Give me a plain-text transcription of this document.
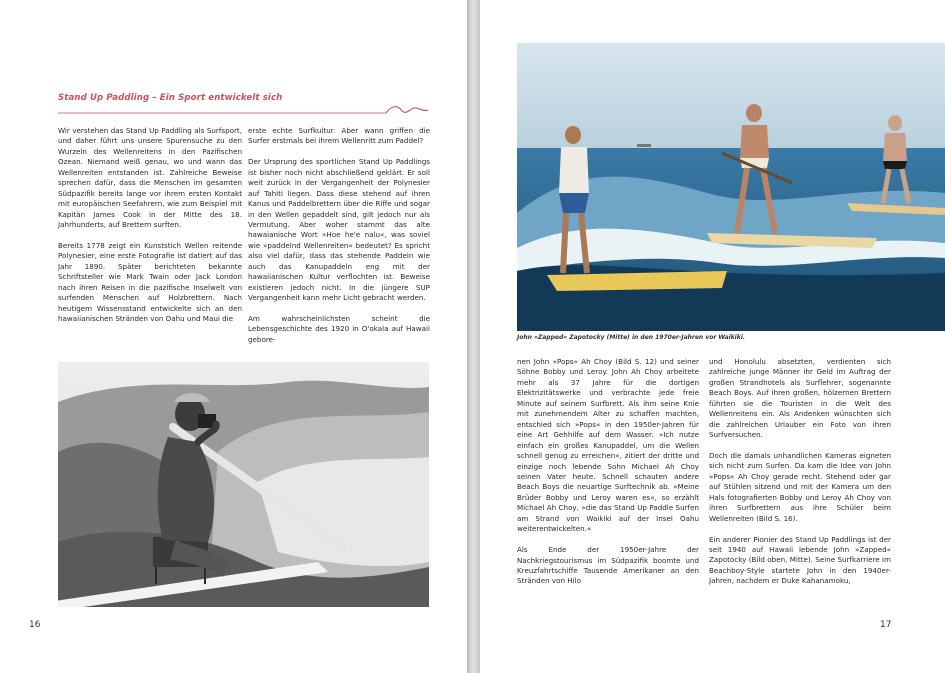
Stand Up Paddling – Ein Sport entwickelt sich

Wir verstehen das Stand Up Paddling als Surfsport, und daher führt uns unsere Spurensuche zu den Wurzeln des Wellenreitens in den Pazifischen Ozean. Niemand weiß genau, wo und wann das Wellenreiten entstanden ist. Zahlreiche Beweise sprechen dafür, dass die Menschen im gesamten Südpazifik bereits lange vor ihrem ersten Kontakt mit europäischen Seefahrern, wie zum Beispiel mit Kapitän James Cook in der Mitte des 18. Jahrhunderts, auf Brettern surften.

Bereits 1778 zeigt ein Kunststich Wellen reitende Polynesier, eine erste Fotografie ist datiert auf das Jahr 1890. Später berichteten bekannte Schriftsteller wie Mark Twain oder Jack London nach ihren Reisen in die pazifische Inselwelt von surfenden Menschen auf Holzbrettern. Nach heutigem Wissensstand entwickelte sich an den hawaiianischen Stränden von Oahu und Maui die

erste echte Surfkultur. Aber wann griffen die Surfer erstmals bei ihrem Wellenritt zum Paddel?

Der Ursprung des sportlichen Stand Up Paddlings ist bisher noch nicht abschließend geklärt. Er soll weit zurück in der Vergangenheit der Polynesier auf Tahiti liegen. Dass diese stehend auf ihren Kanus und Paddelbrettern über die Riffe und sogar in den Wellen gepaddelt sind, gilt jedoch nur als Vermutung. Aber woher stammt das alte hawaianische Wort »Hoe he'e nalu«, was soviel wie »paddelnd Wellenreiten« bedeutet? Es spricht also viel dafür, dass das stehende Paddeln wie auch das Kanupaddeln eng mit der hawaiianischen Kultur verflochten ist. Beweise existieren jedoch nicht. In die jüngere SUP Vergangenheit kann mehr Licht gebracht werden.

Am wahrscheinlichsten scheint die Lebensgeschichte des 1920 in O'okala auf Hawaii gebore-

16
John »Zapped« Zapotocky (Mitte) in den 1970er-Jahren vor Waikiki.

nen John »Pops« Ah Choy (Bild S. 12) und seiner Söhne Bobby und Leroy. John Ah Choy arbeitete mehr als 37 Jahre für die dortigen Elektrizitätswerke und verbrachte jede freie Minute auf seinem Surfbrett. Als ihm seine Knie mit zunehmendem Alter zu schaffen machten, entschied sich »Pops« in den 1950er-Jahren für eine Art Gehhilfe auf dem Wasser. »Ich nutze einfach ein großes Kanupaddel, um die Wellen schnell genug zu erreichen«, zitiert der dritte und einzige noch lebende Sohn Michael Ah Choy seinen Vater heute. Schnell schauten andere Beach Boys die neuartige Surftechnik ab. »Meine Brüder Bobby und Leroy waren es«, so erzählt Michael Ah Choy, »die das Stand Up Paddle Surfen am Strand von Waikiki auf der Insel Oahu weiterentwickelten.«

Als Ende der 1950er-Jahre der Nachkriegstourismus im Südpazifik boomte und Kreuzfahrtschiffe Tausende Amerikaner an den Stränden von Hilo

und Honolulu absetzten, verdienten sich zahlreiche junge Männer ihr Geld im Auftrag der großen Strandhotels als Surflehrer, sogenannte Beach Boys. Auf ihren großen, hölzernen Brettern führten sie die Touristen in die Welt des Wellenreitens ein. Als Andenken wünschten sich die zahlreichen Urlauber ein Foto von ihren Surfversuchen.

Doch die damals unhandlichen Kameras eigneten sich nicht zum Surfen. Da kam die Idee von John »Pops« Ah Choy gerade recht. Stehend oder gar auf Stühlen sitzend und mit der Kamera um den Hals fotografierten Bobby und Leroy Ah Choy von ihren Surfbrettern aus ihre Schüler beim Wellenreiten (Bild S. 16).

Ein anderer Pionier des Stand Up Paddlings ist der seit 1940 auf Hawaii lebende John »Zapped« Zapotocky (Bild oben, Mitte). Seine Surfkarriere im Beachboy-Style startete John in den 1940er-Jahren, nachdem er Duke Kahanamoku,

17
